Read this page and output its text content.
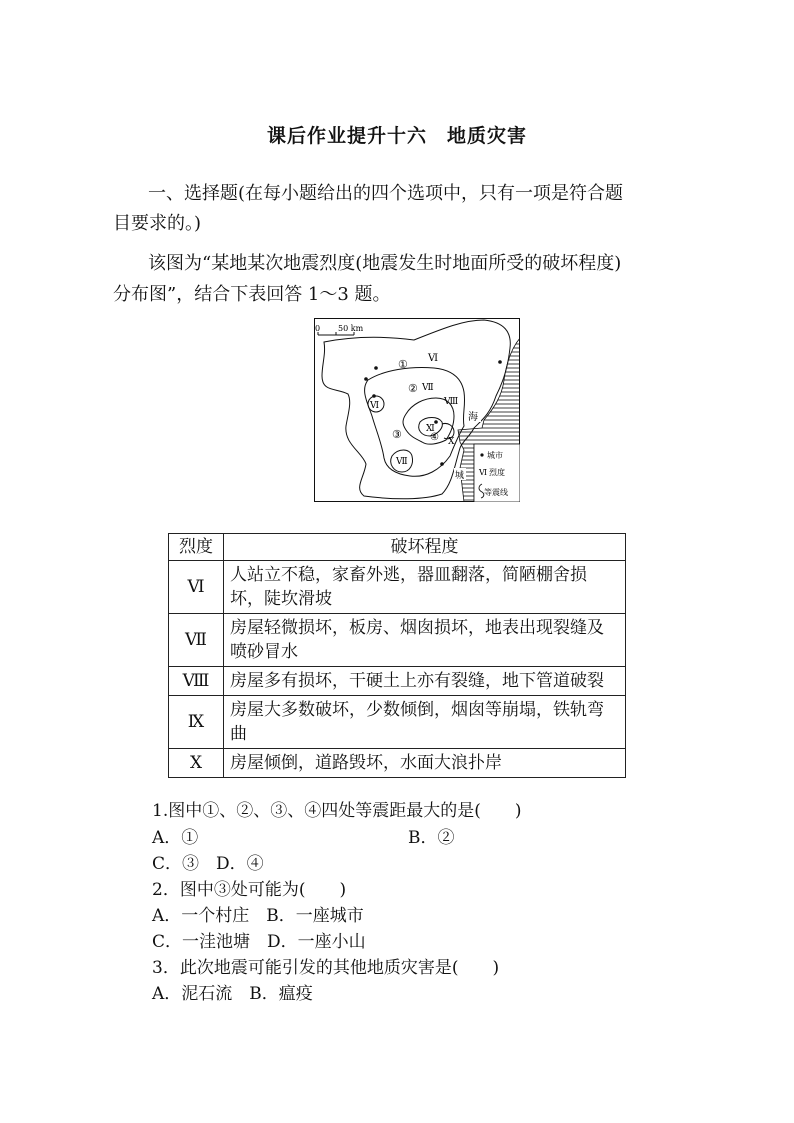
课后作业提升十六　地质灾害
一、选择题(在每小题给出的四个选项中，只有一项是符合题
目要求的。)
该图为“某地某次地震烈度(地震发生时地面所受的破坏程度)
分布图”，结合下表回答 1～3 题。
0 50 km
① Ⅵ
② Ⅶ
Ⅵ	Ⅷ
Ⅺ
④ Ⅹ
③
Ⅶ
海
城
城市
Ⅵ 烈度
等震线
烈度	破坏程度
Ⅵ	人站立不稳，家畜外逃，器皿翻落，简陋棚舍损坏，陡坎滑坡
Ⅶ	房屋轻微损坏，板房、烟囱损坏，地表出现裂缝及喷砂冒水
Ⅷ	房屋多有损坏，干硬土上亦有裂缝，地下管道破裂
Ⅸ	房屋大多数破坏，少数倾倒，烟囱等崩塌，铁轨弯曲
Ⅹ	房屋倾倒，道路毁坏，水面大浪扑岸
1.图中①、②、③、④四处等震距最大的是(　　)
A．①	B．②
C．③　D．④
2．图中③处可能为(　　)
A．一个村庄　B．一座城市
C．一洼池塘　D．一座小山
3．此次地震可能引发的其他地质灾害是(　　)
A．泥石流　B．瘟疫
